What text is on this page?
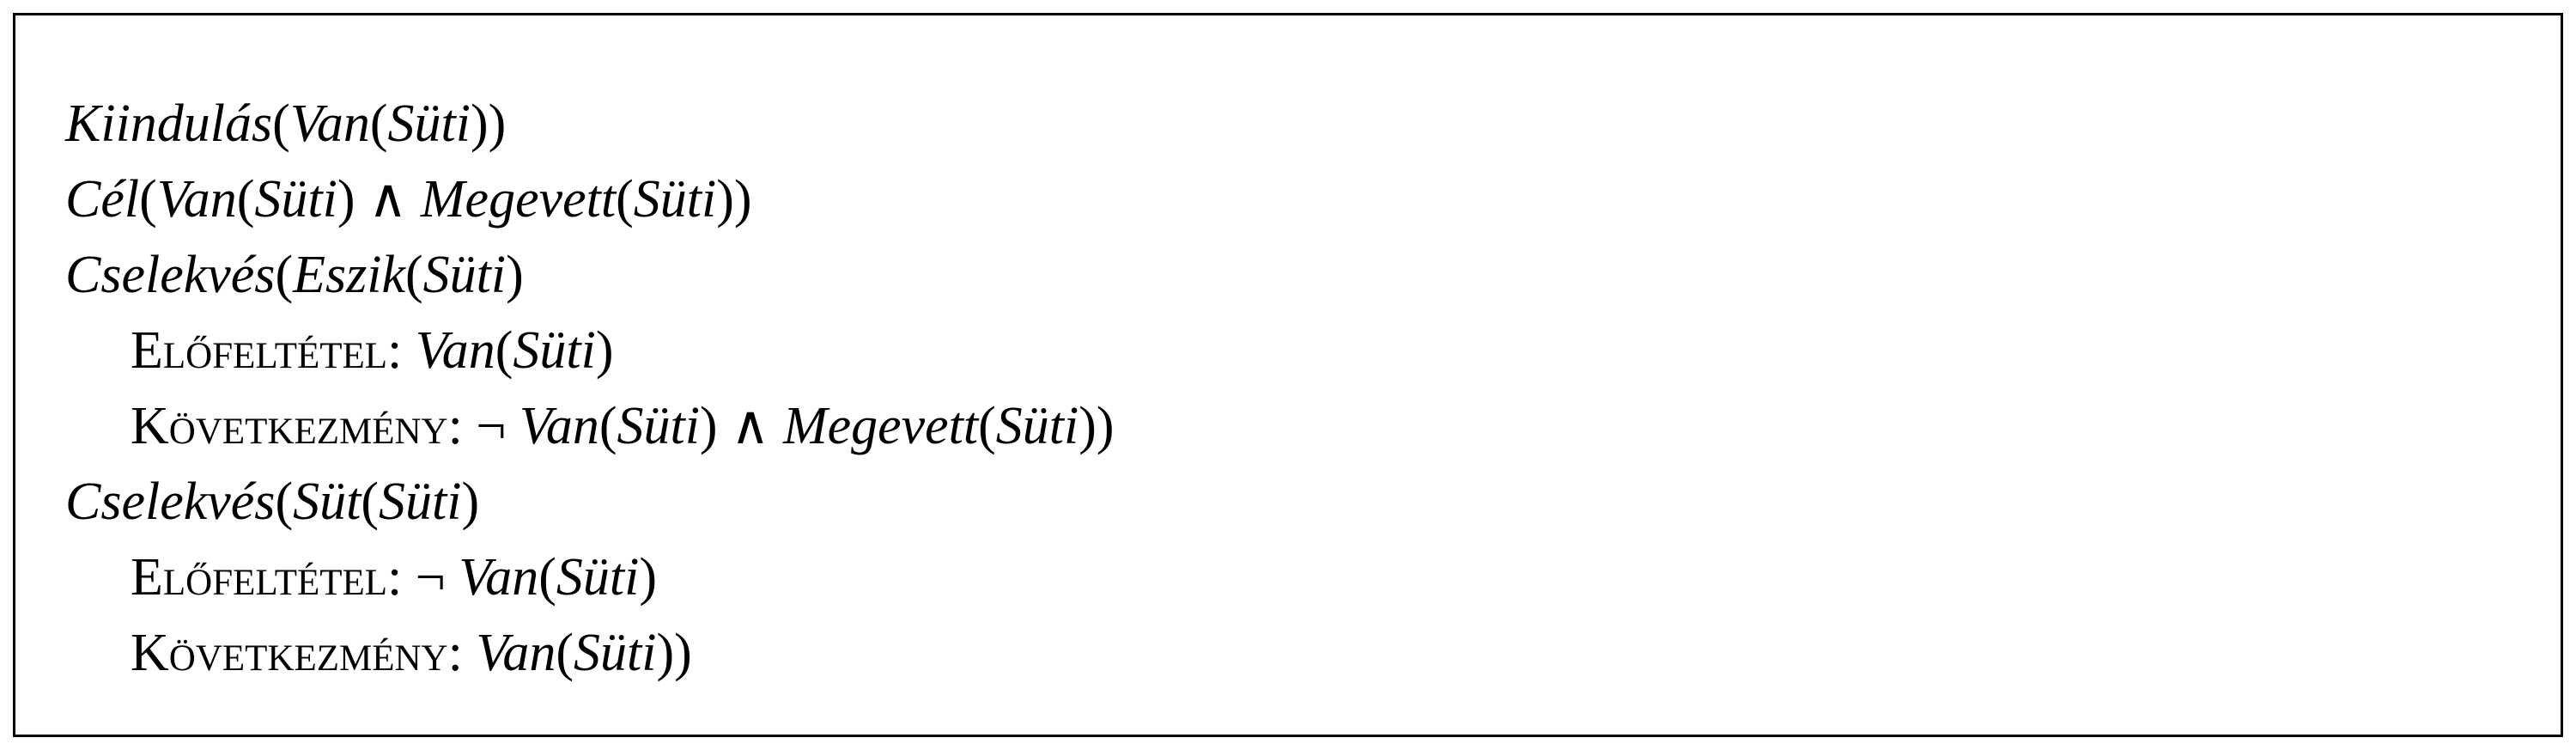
Kiindulás(Van(Süti))
Cél(Van(Süti) ∧ Megevett(Süti))
Cselekvés(Eszik(Süti)
Előfeltétel: Van(Süti)
Következmény: ¬ Van(Süti) ∧ Megevett(Süti))
Cselekvés(Süt(Süti)
Előfeltétel: ¬ Van(Süti)
Következmény: Van(Süti))
